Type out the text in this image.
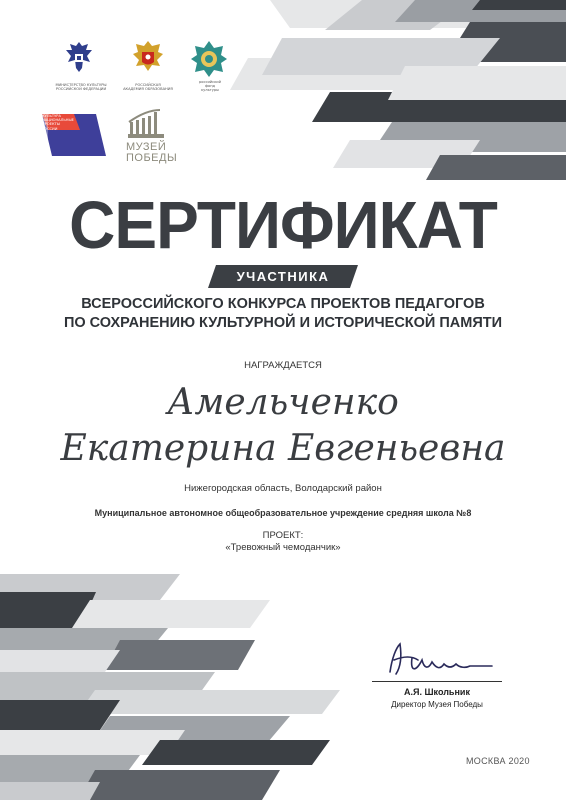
МИНИСТЕРСТВО КУЛЬТУРЫ
РОССИЙСКОЙ ФЕДЕРАЦИИ
РОССИЙСКАЯ
АКАДЕМИЯ ОБРАЗОВАНИЯ
российский
фонд
культуры
КУЛЬТУРА
НАЦИОНАЛЬНЫЕ
ПРОЕКТЫ
РОССИИ
МУЗЕЙ
ПОБЕДЫ
СЕРТИФИКАТ
УЧАСТНИКА
ВСЕРОССИЙСКОГО КОНКУРСА ПРОЕКТОВ ПЕДАГОГОВ
ПО СОХРАНЕНИЮ КУЛЬТУРНОЙ И ИСТОРИЧЕСКОЙ ПАМЯТИ
НАГРАЖДАЕТСЯ
Амельченко
Екатерина Евгеньевна
Нижегородская область, Володарский район
Муниципальное автономное общеобразовательное учреждение средняя школа №8
ПРОЕКТ:
«Тревожный чемоданчик»
А.Я. Школьник
Директор Музея Победы
МОСКВА 2020
